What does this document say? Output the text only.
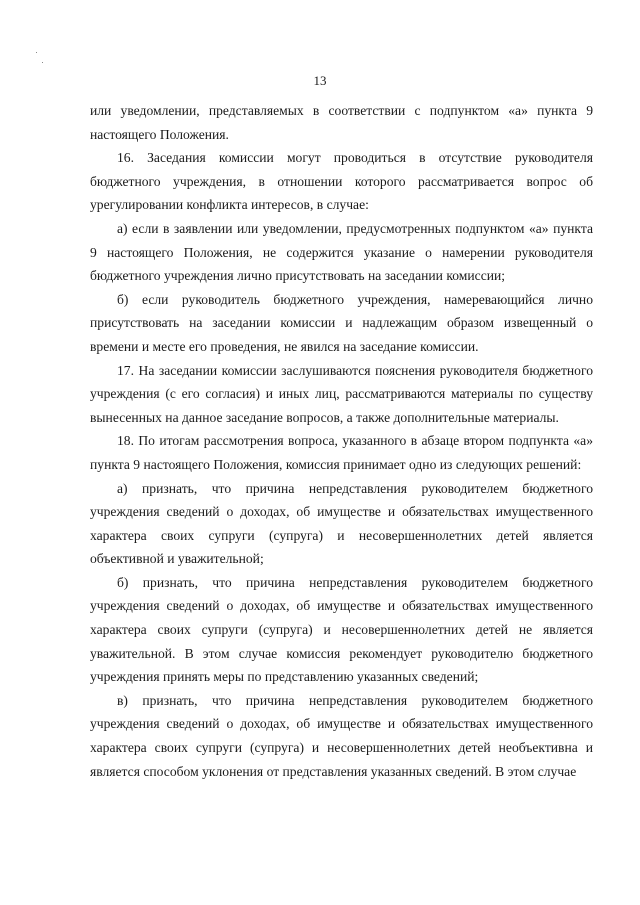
13

или уведомлении, представляемых в соответствии с подпунктом «а» пункта 9 настоящего Положения.

16. Заседания комиссии могут проводиться в отсутствие руководителя бюджетного учреждения, в отношении которого рассматривается вопрос об урегулировании конфликта интересов, в случае:

а) если в заявлении или уведомлении, предусмотренных подпунктом «а» пункта 9 настоящего Положения, не содержится указание о намерении руководителя бюджетного учреждения лично присутствовать на заседании комиссии;

б) если руководитель бюджетного учреждения, намеревающийся лично присутствовать на заседании комиссии и надлежащим образом извещенный о времени и месте его проведения, не явился на заседание комиссии.

17. На заседании комиссии заслушиваются пояснения руководителя бюджетного учреждения (с его согласия) и иных лиц, рассматриваются материалы по существу вынесенных на данное заседание вопросов, а также дополнительные материалы.

18. По итогам рассмотрения вопроса, указанного в абзаце втором подпункта «а» пункта 9 настоящего Положения, комиссия принимает одно из следующих решений:

а) признать, что причина непредставления руководителем бюджетного учреждения сведений о доходах, об имуществе и обязательствах имущественного характера своих супруги (супруга) и несовершеннолетних детей является объективной и уважительной;

б) признать, что причина непредставления руководителем бюджетного учреждения сведений о доходах, об имуществе и обязательствах имущественного характера своих супруги (супруга) и несовершеннолетних детей не является уважительной. В этом случае комиссия рекомендует руководителю бюджетного учреждения принять меры по представлению указанных сведений;

в) признать, что причина непредставления руководителем бюджетного учреждения сведений о доходах, об имуществе и обязательствах имущественного характера своих супруги (супруга) и несовершеннолетних детей необъективна и является способом уклонения от представления указанных сведений. В этом случае
